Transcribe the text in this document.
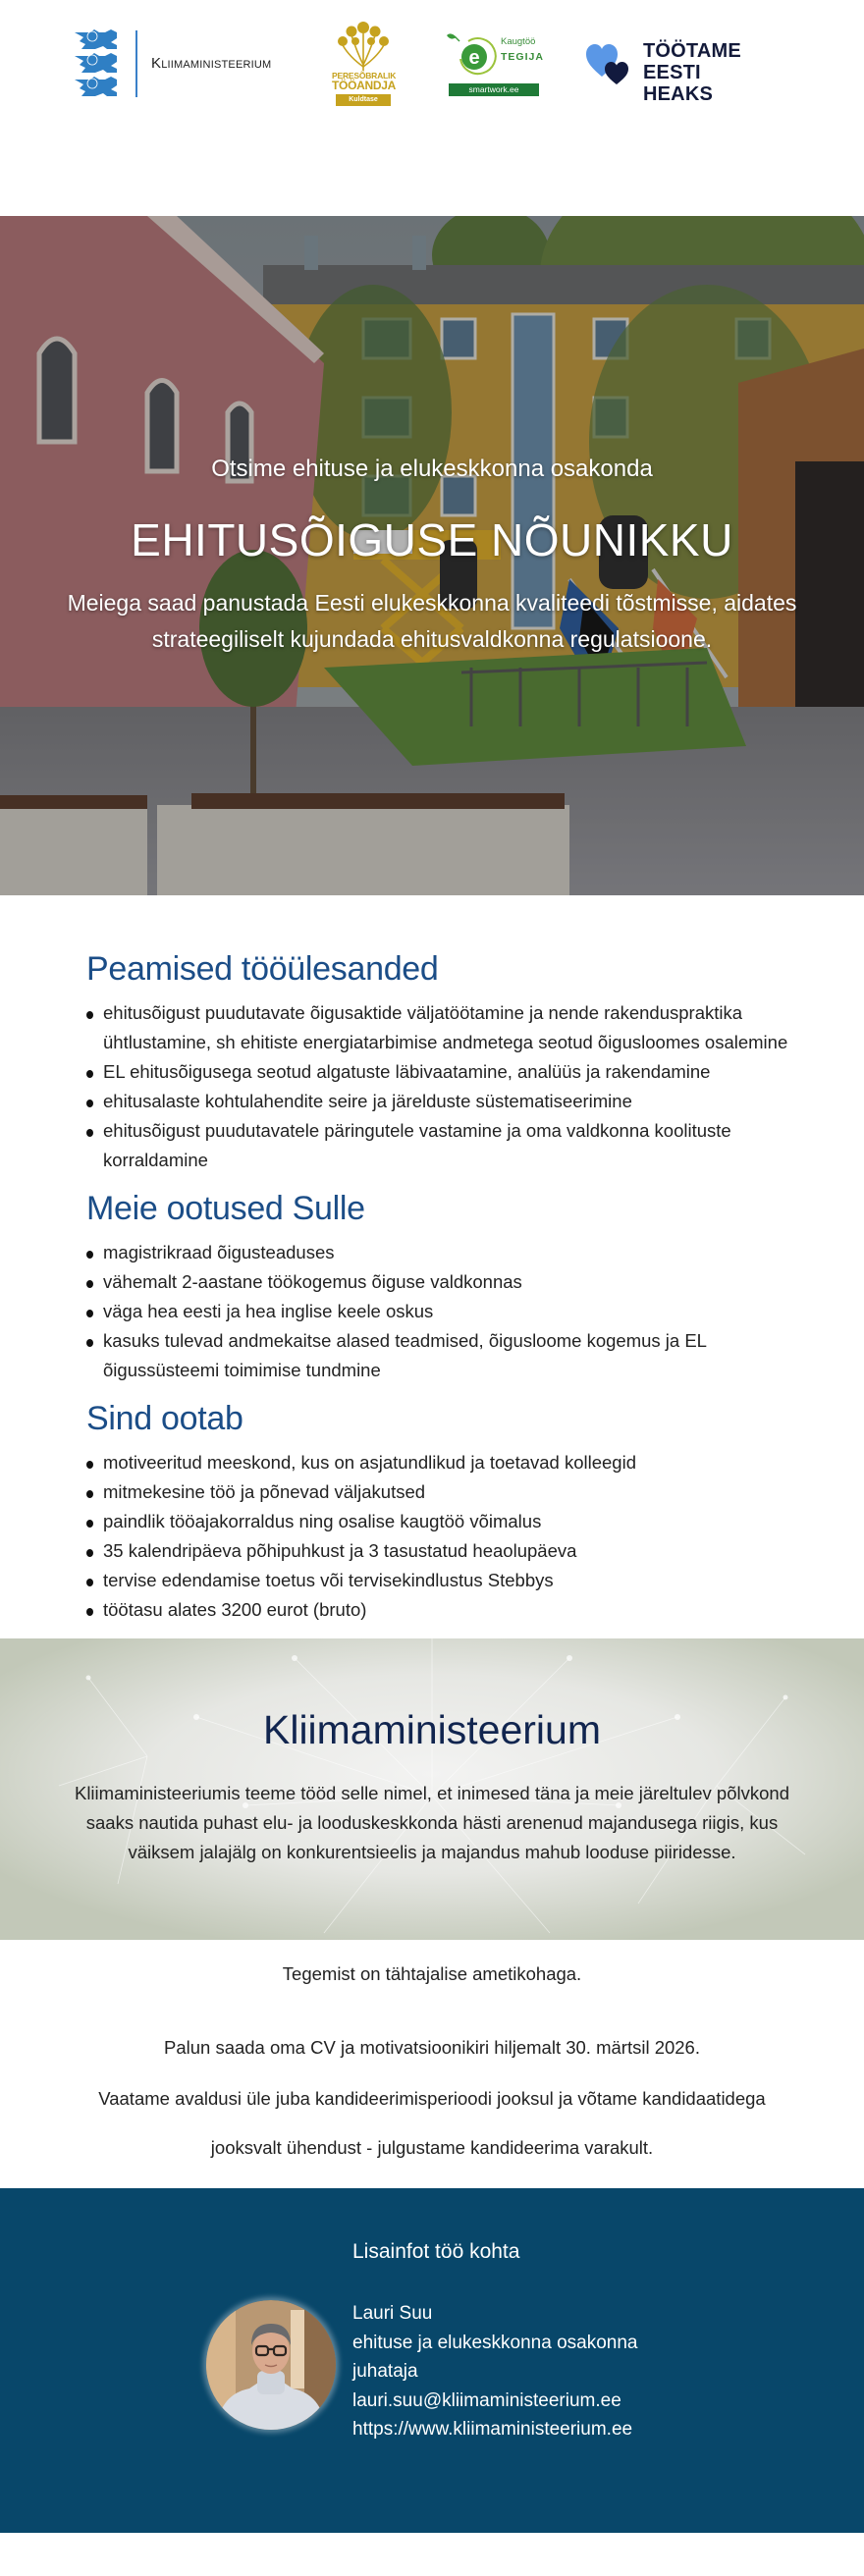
Kliimaministeerium
PERESÕBRALIK
TÖÖANDJA
Kuldtase
e
Kaugtöö
TEGIJA
smartwork.ee
TÖÖTAME
EESTI HEAKS
Otsime ehituse ja elukeskkonna osakonda
EHITUSÕIGUSE NÕUNIKKU

Meiega saad panustada Eesti elukeskkonna kvaliteedi tõstmisse, aidates strateegiliselt kujundada ehitusvaldkonna regulatsioone.

Peamised tööülesanded
ehitusõigust puudutavate õigusaktide väljatöötamine ja nende rakenduspraktika ühtlustamine, sh ehitiste energiatarbimise andmetega seotud õigusloomes osalemine
EL ehitusõigusega seotud algatuste läbivaatamine, analüüs ja rakendamine
ehitusalaste kohtulahendite seire ja järelduste süstematiseerimine
ehitusõigust puudutavatele päringutele vastamine ja oma valdkonna koolituste korraldamine
Meie ootused Sulle
magistrikraad õigusteaduses
vähemalt 2-aastane töökogemus õiguse valdkonnas
väga hea eesti ja hea inglise keele oskus
kasuks tulevad andmekaitse alased teadmised, õigusloome kogemus ja EL õigussüsteemi toimimise tundmine
Sind ootab
motiveeritud meeskond, kus on asjatundlikud ja toetavad kolleegid
mitmekesine töö ja põnevad väljakutsed
paindlik tööajakorraldus ning osalise kaugtöö võimalus
35 kalendripäeva põhipuhkust ja 3 tasustatud heaolupäeva
tervise edendamise toetus või tervisekindlustus Stebbys
töötasu alates 3200 eurot (bruto)
Kliimaministeerium

Kliimaministeeriumis teeme tööd selle nimel, et inimesed täna ja meie järeltulev põlvkond saaks nautida puhast elu- ja looduskeskkonda hästi arenenud majandusega riigis, kus väiksem jalajälg on konkurentsieelis ja majandus mahub looduse piiridesse.

Tegemist on tähtajalise ametikohaga.

Palun saada oma CV ja motivatsioonikiri hiljemalt 30. märtsil 2026.

Vaatame avaldusi üle juba kandideerimisperioodi jooksul ja võtame kandidaatidega

jooksvalt ühendust - julgustame kandideerima varakult.

Lisainfot töö kohta
Lauri Suu
ehituse ja elukeskkonna osakonna
juhataja
lauri.suu@kliimaministeerium.ee
https://www.kliimaministeerium.ee
